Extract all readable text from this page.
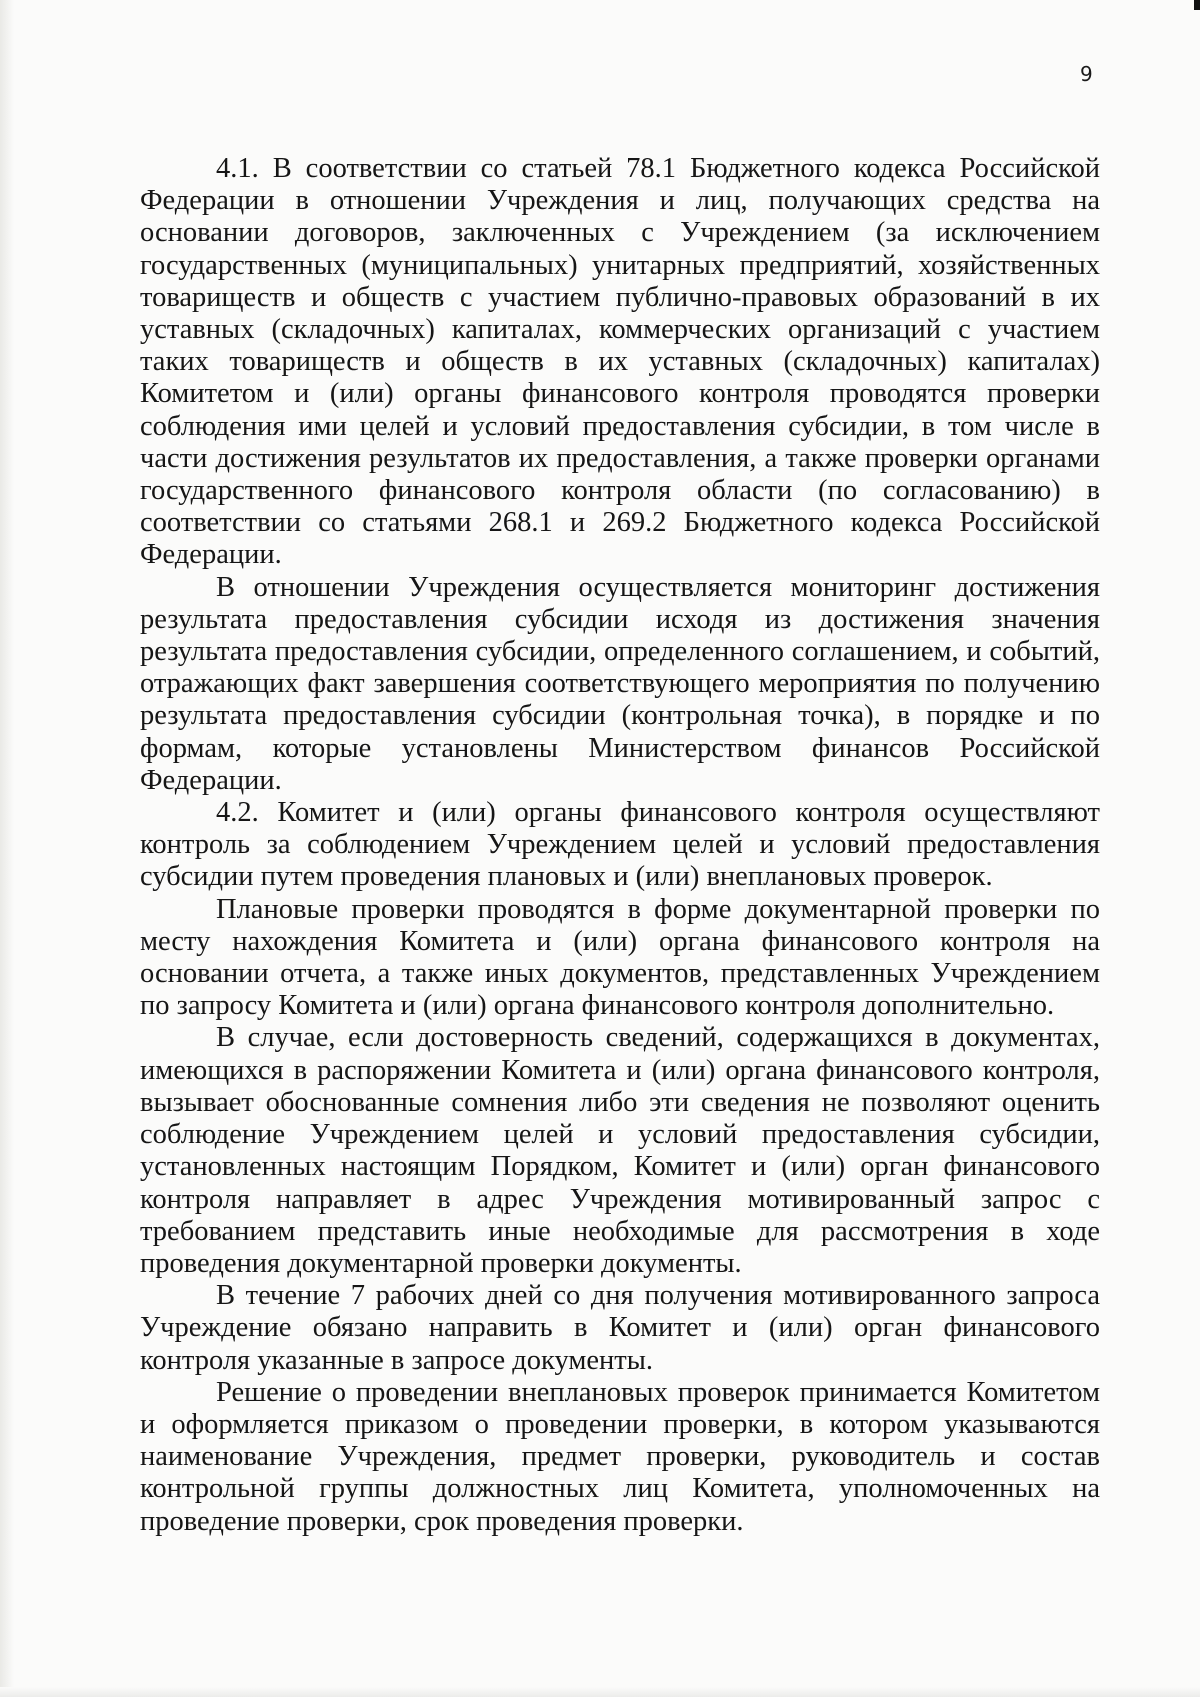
9

4.1. В соответствии со статьей 78.1 Бюджетного кодекса Российской Федерации в отношении Учреждения и лиц, получающих средства на основании договоров, заключенных с Учреждением (за исключением государственных (муниципальных) унитарных предприятий, хозяйственных товариществ и обществ с участием публично-правовых образований в их уставных (складочных) капиталах, коммерческих организаций с участием таких товариществ и обществ в их уставных (складочных) капиталах) Комитетом и (или) органы финансового контроля проводятся проверки соблюдения ими целей и условий предоставления субсидии, в том числе в части достижения результатов их предоставления, а также проверки органами государственного финансового контроля области (по согласованию) в соответствии со статьями 268.1 и 269.2 Бюджетного кодекса Российской Федерации.

В отношении Учреждения осуществляется мониторинг достижения результата предоставления субсидии исходя из достижения значения результата предоставления субсидии, определенного соглашением, и событий, отражающих факт завершения соответствующего мероприятия по получению результата предоставления субсидии (контрольная точка), в порядке и по формам, которые установлены Министерством финансов Российской Федерации.

4.2. Комитет и (или) органы финансового контроля осуществляют контроль за соблюдением Учреждением целей и условий предоставления субсидии путем проведения плановых и (или) внеплановых проверок.

Плановые проверки проводятся в форме документарной проверки по месту нахождения Комитета и (или) органа финансового контроля на основании отчета, а также иных документов, представленных Учреждением по запросу Комитета и (или) органа финансового контроля дополнительно.

В случае, если достоверность сведений, содержащихся в документах, имеющихся в распоряжении Комитета и (или) органа финансового контроля, вызывает обоснованные сомнения либо эти сведения не позволяют оценить соблюдение Учреждением целей и условий предоставления субсидии, установленных настоящим Порядком, Комитет и (или) орган финансового контроля направляет в адрес Учреждения мотивированный запрос с требованием представить иные необходимые для рассмотрения в ходе проведения документарной проверки документы.

В течение 7 рабочих дней со дня получения мотивированного запроса Учреждение обязано направить в Комитет и (или) орган финансового контроля указанные в запросе документы.

Решение о проведении внеплановых проверок принимается Комитетом и оформляется приказом о проведении проверки, в котором указываются наименование Учреждения, предмет проверки, руководитель и состав контрольной группы должностных лиц Комитета, уполномоченных на проведение проверки, срок проведения проверки.
